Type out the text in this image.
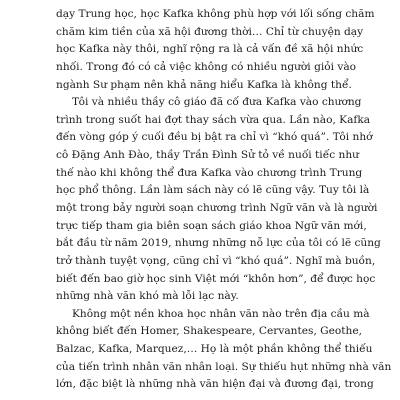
dạy Trung học, học Kafka không phù hợp với lối sống chăm
chăm kim tiền của xã hội đương thời… Chỉ từ chuyện dạy
học Kafka này thôi, nghĩ rộng ra là cả vấn đề xã hội nhức
nhối. Trong đó có cả việc không có nhiều người giỏi vào
ngành Sư phạm nên khả năng hiểu Kafka là không thể.
Tôi và nhiều thầy cô giáo đã cố đưa Kafka vào chương
trình trong suốt hai đợt thay sách vừa qua. Lần nào, Kafka
đến vòng góp ý cuối đều bị bật ra chỉ vì “khó quá”. Tôi nhớ
cô Đặng Anh Đào, thầy Trần Đình Sử tỏ về nuối tiếc như
thế nào khi không thể đưa Kafka vào chương trình Trung
học phổ thông. Lần làm sách này có lẽ cũng vậy. Tuy tôi là
một trong bảy người soạn chương trình Ngữ văn và là người
trực tiếp tham gia biên soạn sách giáo khoa Ngữ văn mới,
bắt đầu từ năm 2019, nhưng những nỗ lực của tôi có lẽ cũng
trở thành tuyệt vọng, cũng chỉ vì “khó quá”. Nghĩ mà buồn,
biết đến bao giờ học sinh Việt mới “khôn hơn”, để được học
những nhà văn khó mà lỗi lạc này.
Không một nền khoa học nhân văn nào trên địa cầu mà
không biết đến Homer, Shakespeare, Cervantes, Geothe,
Balzac, Kafka, Marquez,… Họ là một phần không thể thiếu
của tiến trình nhân văn nhân loại. Sự thiếu hụt những nhà văn
lớn, đặc biệt là những nhà văn hiện đại và đương đại, trong
